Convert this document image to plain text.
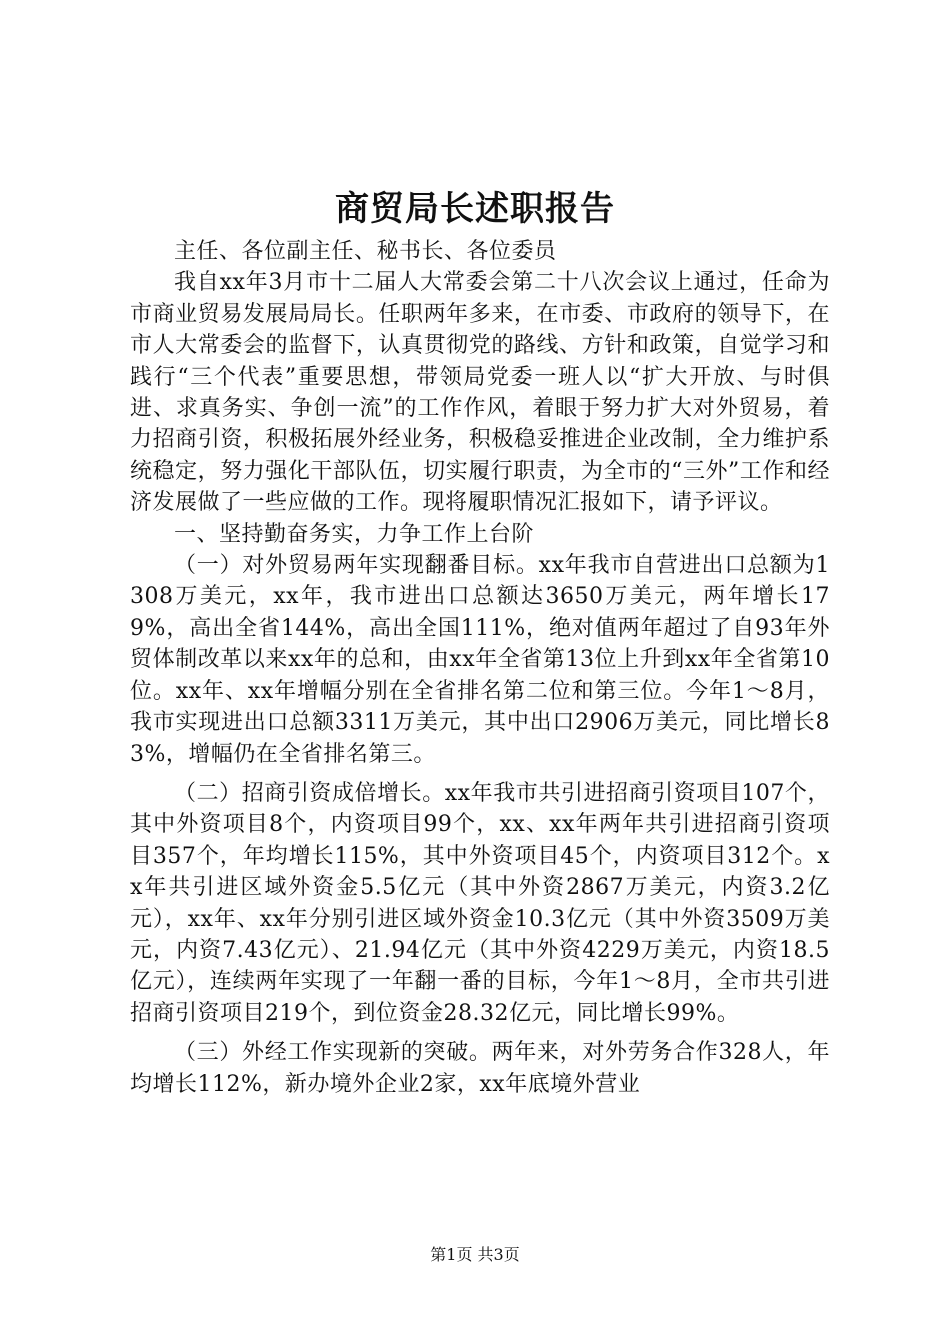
商贸局长述职报告

主任、各位副主任、秘书长、各位委员

我自xx年3月市十二届人大常委会第二十八次会议上通过，任命为市商业贸易发展局局长。任职两年多来，在市委、市政府的领导下，在市人大常委会的监督下，认真贯彻党的路线、方针和政策，自觉学习和践行“三个代表”重要思想，带领局党委一班人以“扩大开放、与时俱进、求真务实、争创一流”的工作作风，着眼于努力扩大对外贸易，着力招商引资，积极拓展外经业务，积极稳妥推进企业改制，全力维护系统稳定，努力强化干部队伍，切实履行职责，为全市的“三外”工作和经济发展做了一些应做的工作。现将履职情况汇报如下，请予评议。

一、坚持勤奋务实，力争工作上台阶

（一）对外贸易两年实现翻番目标。xx年我市自营进出口总额为1308万美元，xx年，我市进出口总额达3650万美元，两年增长179%，高出全省144%，高出全国111%，绝对值两年超过了自93年外贸体制改革以来xx年的总和，由xx年全省第13位上升到xx年全省第10位。xx年、xx年增幅分别在全省排名第二位和第三位。今年1～8月，我市实现进出口总额3311万美元，其中出口2906万美元，同比增长83%，增幅仍在全省排名第三。

（二）招商引资成倍增长。xx年我市共引进招商引资项目107个，其中外资项目8个，内资项目99个，xx、xx年两年共引进招商引资项目357个，年均增长115%，其中外资项目45个，内资项目312个。xx年共引进区域外资金5.5亿元（其中外资2867万美元，内资3.2亿元），xx年、xx年分别引进区域外资金10.3亿元（其中外资3509万美元，内资7.43亿元）、21.94亿元（其中外资4229万美元，内资18.5亿元），连续两年实现了一年翻一番的目标，今年1～8月，全市共引进招商引资项目219个，到位资金28.32亿元，同比增长99%。

（三）外经工作实现新的突破。两年来，对外劳务合作328人，年均增长112%，新办境外企业2家，xx年底境外营业

第1页 共3页
